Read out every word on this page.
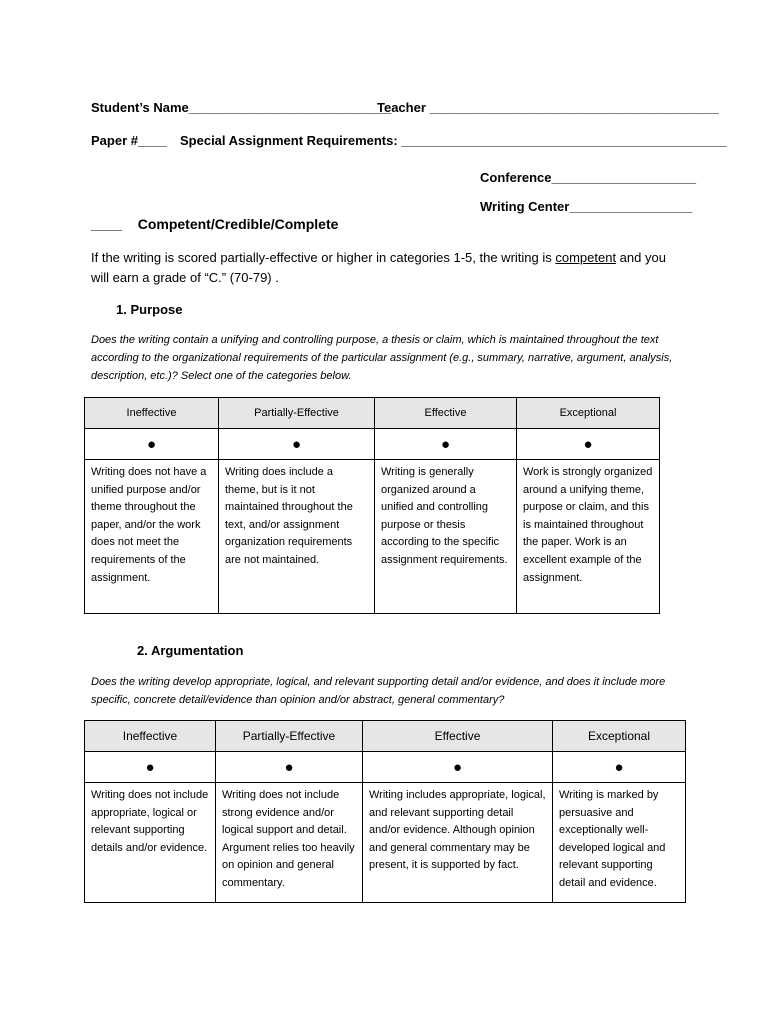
Student’s Name____________________________
Teacher ________________________________________
Paper #____ Special Assignment Requirements: _____________________________________________
Conference____________________
Writing Center_________________
____ Competent/Credible/Complete
If the writing is scored partially-effective or higher in categories 1-5, the writing is competent and you will earn a grade of “C.” (70-79) .
1. Purpose
Does the writing contain a unifying and controlling purpose, a thesis or claim, which is maintained throughout the text according to the organizational requirements of the particular assignment (e.g., summary, narrative, argument, analysis, description, etc.)? Select one of the categories below.
Ineffective	Partially-Effective	Effective	Exceptional
●	●	●	●
Writing does not have a unified purpose and/or theme throughout the paper, and/or the work does not meet the requirements of the assignment.	Writing does include a theme, but is it not maintained throughout the text, and/or assignment organization requirements are not maintained.	Writing is generally organized around a unified and controlling purpose or thesis according to the specific assignment requirements.	Work is strongly organized around a unifying theme, purpose or claim, and this is maintained throughout the paper. Work is an excellent example of the assignment.
2. Argumentation
Does the writing develop appropriate, logical, and relevant supporting detail and/or evidence, and does it include more specific, concrete detail/evidence than opinion and/or abstract, general commentary?
Ineffective	Partially-Effective	Effective	Exceptional
●	●	●	●
Writing does not include appropriate, logical or relevant supporting details and/or evidence.	Writing does not include strong evidence and/or logical support and detail. Argument relies too heavily on opinion and general commentary.	Writing includes appropriate, logical, and relevant supporting detail and/or evidence. Although opinion and general commentary may be present, it is supported by fact.	Writing is marked by persuasive and exceptionally well-developed logical and relevant supporting detail and evidence.
